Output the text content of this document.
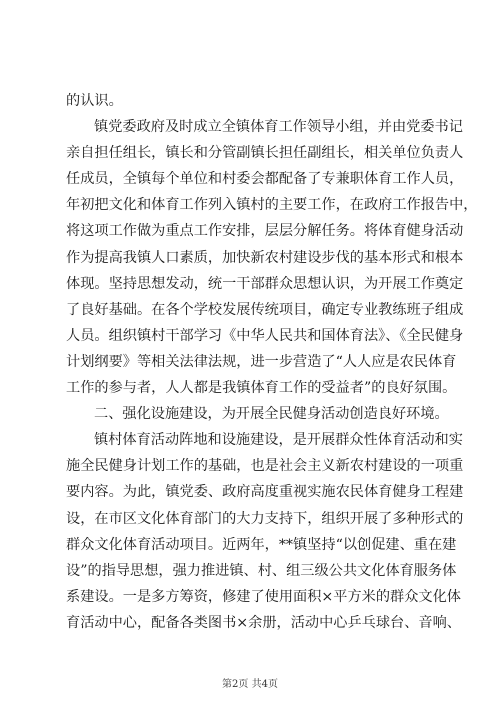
的认识。
镇党委政府及时成立全镇体育工作领导小组，并由党委书记
亲自担任组长，镇长和分管副镇长担任副组长，相关单位负责人
任成员，全镇每个单位和村委会都配备了专兼职体育工作人员，
年初把文化和体育工作列入镇村的主要工作，在政府工作报告中，
将这项工作做为重点工作安排，层层分解任务。将体育健身活动
作为提高我镇人口素质，加快新农村建设步伐的基本形式和根本
体现。坚持思想发动，统一干部群众思想认识，为开展工作奠定
了良好基础。在各个学校发展传统项目，确定专业教练班子组成
人员。组织镇村干部学习《中华人民共和国体育法》、《全民健身
计划纲要》等相关法律法规，进一步营造了“人人应是农民体育
工作的参与者，人人都是我镇体育工作的受益者”的良好氛围。
二、强化设施建设，为开展全民健身活动创造良好环境。
镇村体育活动阵地和设施建设，是开展群众性体育活动和实
施全民健身计划工作的基础，也是社会主义新农村建设的一项重
要内容。为此，镇党委、政府高度重视实施农民体育健身工程建
设，在市区文化体育部门的大力支持下，组织开展了多种形式的
群众文化体育活动项目。近两年，**镇坚持“以创促建、重在建
设”的指导思想，强力推进镇、村、组三级公共文化体育服务体
系建设。一是多方筹资，修建了使用面积×平方米的群众文化体
育活动中心，配备各类图书×余册，活动中心乒乓球台、音响、
第2页 共4页
